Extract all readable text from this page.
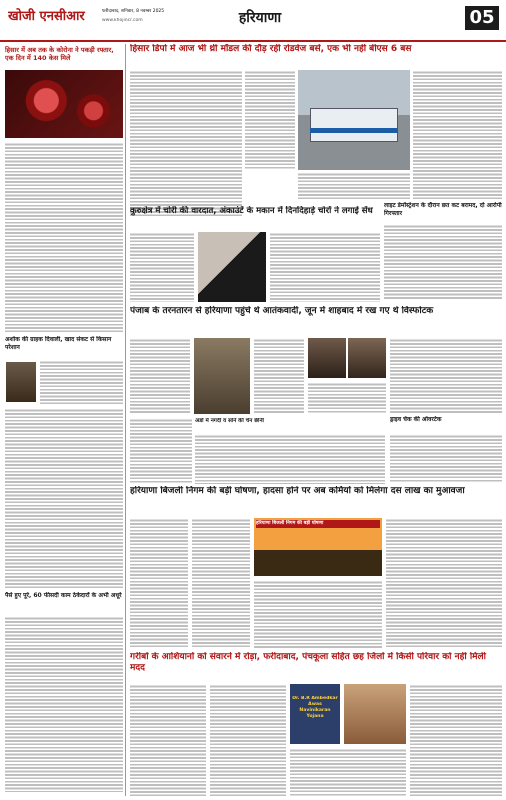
खोजी एनसीआर	फरीदाबाद, शनिवार, 8 नवम्बर 2025
www.khojincr.com	हरियाणा	05
हिसार में अब तक के कोरोना ने पकड़ी रफ्तार, एक दिन में 140 केस मिले
अशोक की ग्राहक दिवाली, खाद संकट से किसान परेशान
पैसे हुए पूरे, 60 फीसदी काम ठेकेदारों के अभी अधूरे
हिसार डिपो में आज भी थ्री मॉडल की दौड़ रही रोडवेज बसें, एक भी नहीं बीएस 6 बस
कुरुक्षेत्र में चोरी की वारदात, अंकाउंटें के मकान में दिनदिहाड़े चोरों ने लगाई सेंध
लाइट डेमोंस्ट्रेशन के दौरान छत कट बरामद, दो आरोपी गिरफ्तार
पंजाब के तरनतारन से हरियाणा पहुंचे थे आतंकवादी, जून में शाहबाद में रख गए थे विस्फोटक
ड्राइव चेक की ओवरटेक
अंडों में नगदी व सोने की चेन छीनी
हरियाणा बिजली निगम की बड़ी घोषणा, हादसा होने पर अब कर्मियों को मिलेगा दस लाख का मुआवजा
हरियाणा बिजली निगम की बड़ी घोषणा
गरीबों के आशियानों को संवारने में रोड़ा, फरीदाबाद, पंचकूला सहित छह जिलों में किसी परिवार को नहीं मिली मदद
Dr. B.R Ambedkar Awas Navinikaran Yojana
